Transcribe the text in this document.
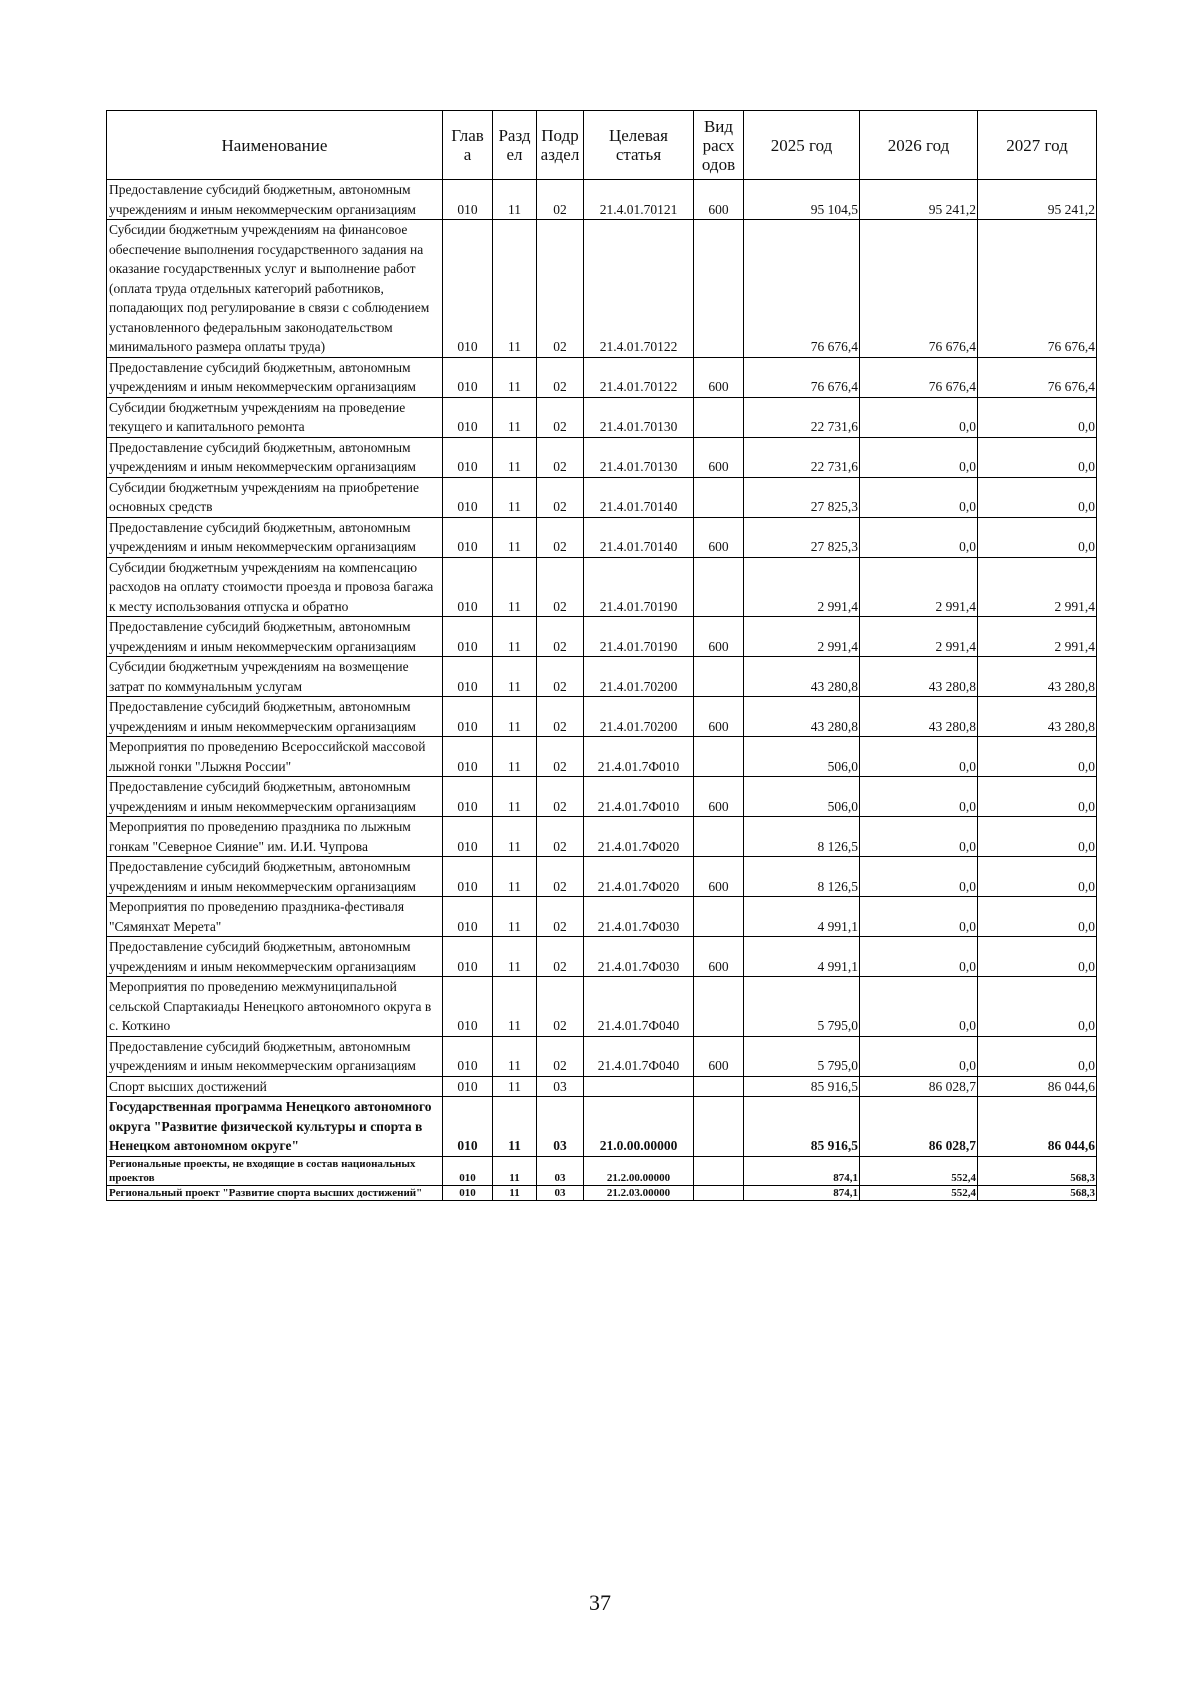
Наименование	Глав а	Разд ел	Подр аздел	Целевая статья	Вид расх одов	2025 год	2026 год	2027 год
Предоставление субсидий бюджетным, автономным учреждениям и иным некоммерческим организациям	010	11	02	21.4.01.70121	600	95 104,5	95 241,2	95 241,2
Субсидии бюджетным учреждениям на финансовое обеспечение выполнения государственного задания на оказание государственных услуг и выполнение работ (оплата труда отдельных категорий работников, попадающих под регулирование в связи с соблюдением установленного федеральным законодательством минимального размера оплаты труда)	010	11	02	21.4.01.70122		76 676,4	76 676,4	76 676,4
Предоставление субсидий бюджетным, автономным учреждениям и иным некоммерческим организациям	010	11	02	21.4.01.70122	600	76 676,4	76 676,4	76 676,4
Субсидии бюджетным учреждениям на проведение текущего и капитального ремонта	010	11	02	21.4.01.70130		22 731,6	0,0	0,0
Предоставление субсидий бюджетным, автономным учреждениям и иным некоммерческим организациям	010	11	02	21.4.01.70130	600	22 731,6	0,0	0,0
Субсидии бюджетным учреждениям на приобретение основных средств	010	11	02	21.4.01.70140		27 825,3	0,0	0,0
Предоставление субсидий бюджетным, автономным учреждениям и иным некоммерческим организациям	010	11	02	21.4.01.70140	600	27 825,3	0,0	0,0
Субсидии бюджетным учреждениям на компенсацию расходов на оплату стоимости проезда и провоза багажа к месту использования отпуска и обратно	010	11	02	21.4.01.70190		2 991,4	2 991,4	2 991,4
Предоставление субсидий бюджетным, автономным учреждениям и иным некоммерческим организациям	010	11	02	21.4.01.70190	600	2 991,4	2 991,4	2 991,4
Субсидии бюджетным учреждениям на возмещение затрат по коммунальным услугам	010	11	02	21.4.01.70200		43 280,8	43 280,8	43 280,8
Предоставление субсидий бюджетным, автономным учреждениям и иным некоммерческим организациям	010	11	02	21.4.01.70200	600	43 280,8	43 280,8	43 280,8
Мероприятия по проведению Всероссийской массовой лыжной гонки "Лыжня России"	010	11	02	21.4.01.7Ф010		506,0	0,0	0,0
Предоставление субсидий бюджетным, автономным учреждениям и иным некоммерческим организациям	010	11	02	21.4.01.7Ф010	600	506,0	0,0	0,0
Мероприятия по проведению праздника по лыжным гонкам "Северное Сияние" им. И.И. Чупрова	010	11	02	21.4.01.7Ф020		8 126,5	0,0	0,0
Предоставление субсидий бюджетным, автономным учреждениям и иным некоммерческим организациям	010	11	02	21.4.01.7Ф020	600	8 126,5	0,0	0,0
Мероприятия по проведению праздника-фестиваля "Сямянхат Мерета"	010	11	02	21.4.01.7Ф030		4 991,1	0,0	0,0
Предоставление субсидий бюджетным, автономным учреждениям и иным некоммерческим организациям	010	11	02	21.4.01.7Ф030	600	4 991,1	0,0	0,0
Мероприятия по проведению межмуниципальной сельской Спартакиады Ненецкого автономного округа в с. Коткино	010	11	02	21.4.01.7Ф040		5 795,0	0,0	0,0
Предоставление субсидий бюджетным, автономным учреждениям и иным некоммерческим организациям	010	11	02	21.4.01.7Ф040	600	5 795,0	0,0	0,0
Спорт высших достижений	010	11	03			85 916,5	86 028,7	86 044,6
Государственная программа Ненецкого автономного округа "Развитие физической культуры и спорта в Ненецком автономном округе"	010	11	03	21.0.00.00000		85 916,5	86 028,7	86 044,6
Региональные проекты, не входящие в состав национальных проектов	010	11	03	21.2.00.00000		874,1	552,4	568,3
Региональный проект "Развитие спорта высших достижений"	010	11	03	21.2.03.00000		874,1	552,4	568,3
37
